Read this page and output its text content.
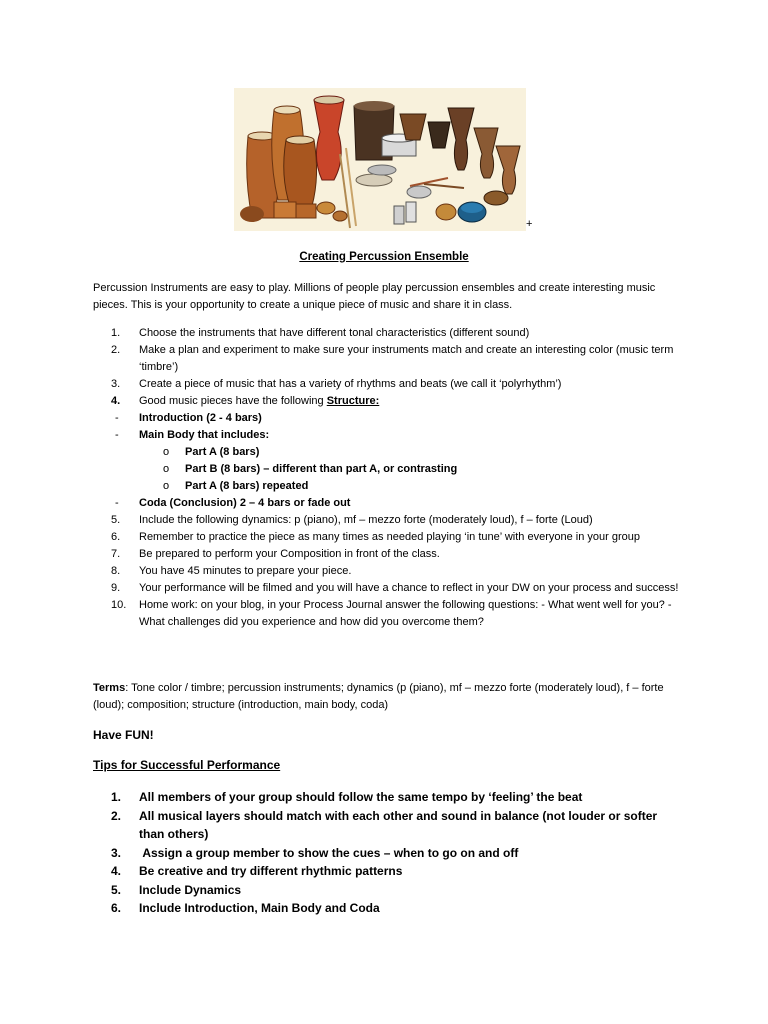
+
Creating Percussion Ensemble
Percussion Instruments are easy to play. Millions of people play percussion ensembles and create interesting music pieces. This is your opportunity to create a unique piece of music and share it in class.
1.	Choose the instruments that have different tonal characteristics (different sound)
2.	Make a plan and experiment to make sure your instruments match and create an interesting color (music term ‘timbre’)
3.	Create a piece of music that has a variety of rhythms and beats (we call it ‘polyrhythm’)
4.	Good music pieces have the following Structure:
-	Introduction (2 - 4 bars)
-	Main Body that includes:
o	Part A (8 bars)
o	Part B (8 bars) – different than part A, or contrasting
o	Part A (8 bars) repeated
-	Coda (Conclusion) 2 – 4 bars or fade out
5.	Include the following dynamics: p (piano), mf – mezzo forte (moderately loud), f – forte (Loud)
6.	Remember to practice the piece as many times as needed playing ‘in tune’ with everyone in your group
7.	Be prepared to perform your Composition in front of the class.
8.	You have 45 minutes to prepare your piece.
9.	Your performance will be filmed and you will have a chance to reflect in your DW on your process and success!
10.	Home work: on your blog, in your Process Journal answer the following questions: - What went well for you? - What challenges did you experience and how did you overcome them?
Terms: Tone color / timbre; percussion instruments; dynamics (p (piano), mf – mezzo forte (moderately loud), f – forte (loud); composition; structure (introduction, main body, coda)
Have FUN!
Tips for Successful Performance
1.	All members of your group should follow the same tempo by ‘feeling’ the beat
2.	All musical layers should match with each other and sound in balance (not louder or softer than others)
3.	Assign a group member to show the cues – when to go on and off
4.	Be creative and try different rhythmic patterns
5.	Include Dynamics
6.	Include Introduction, Main Body and Coda
